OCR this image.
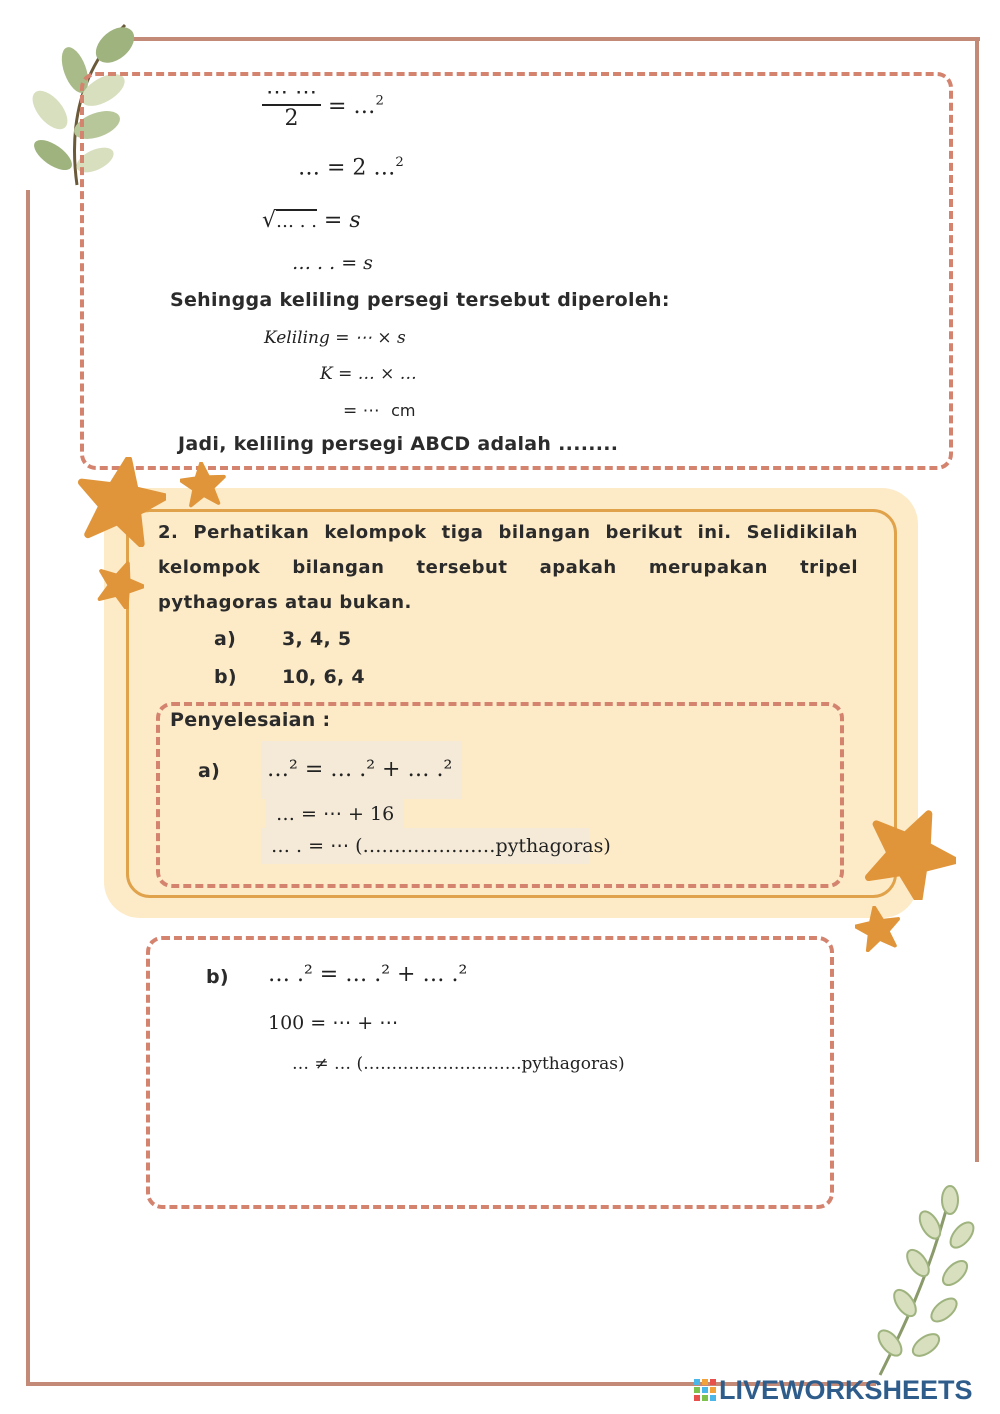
$\frac{\cdots \cdots}{2}$ = …$^2$
… = 2 …$^2$
√… . . = s
… . . = s
Sehingga keliling persegi tersebut diperoleh:
Keliling = ⋯ × s
K = … × …
= ⋯ cm
Jadi, keliling persegi ABCD adalah ........
2. Perhatikan kelompok tiga bilangan berikut ini. Selidikilah kelompok bilangan tersebut apakah merupakan tripel pythagoras atau bukan.
a) 3, 4, 5
b) 10, 6, 4
Penyelesaian :
a) …² = … .² + … .²
… = ⋯ + 16
… . = ⋯ (…………………pythagoras)
b) … .² = … .² + … .²
100 = ⋯ + ⋯
… ≠ … (……………………….pythagoras)
LIVEWORKSHEETS
